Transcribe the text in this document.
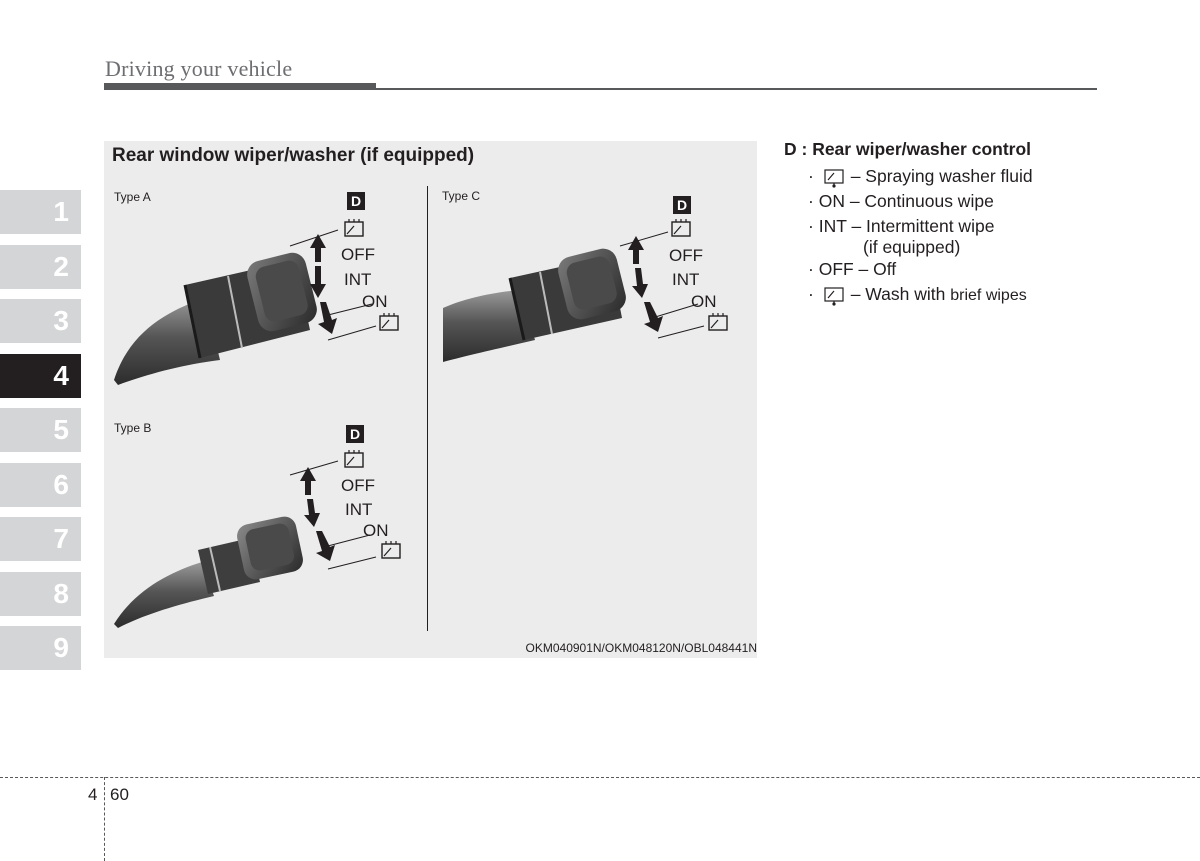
Driving your vehicle
1
2
3
4
5
6
7
8
9
Rear window wiper/washer (if equipped)
Type A	Type C
Type B
OKM040901N/OKM048120N/OBL048441N
D
OFF
INT
ON
D
OFF
INT
ON
D
OFF
INT
ON
D : Rear wiper/washer control
· – Spraying washer fluid
· ON – Continuous wipe
· INT – Intermittent wipe
(if equipped)
· OFF – Off
· – Wash with brief wipes
4 60
